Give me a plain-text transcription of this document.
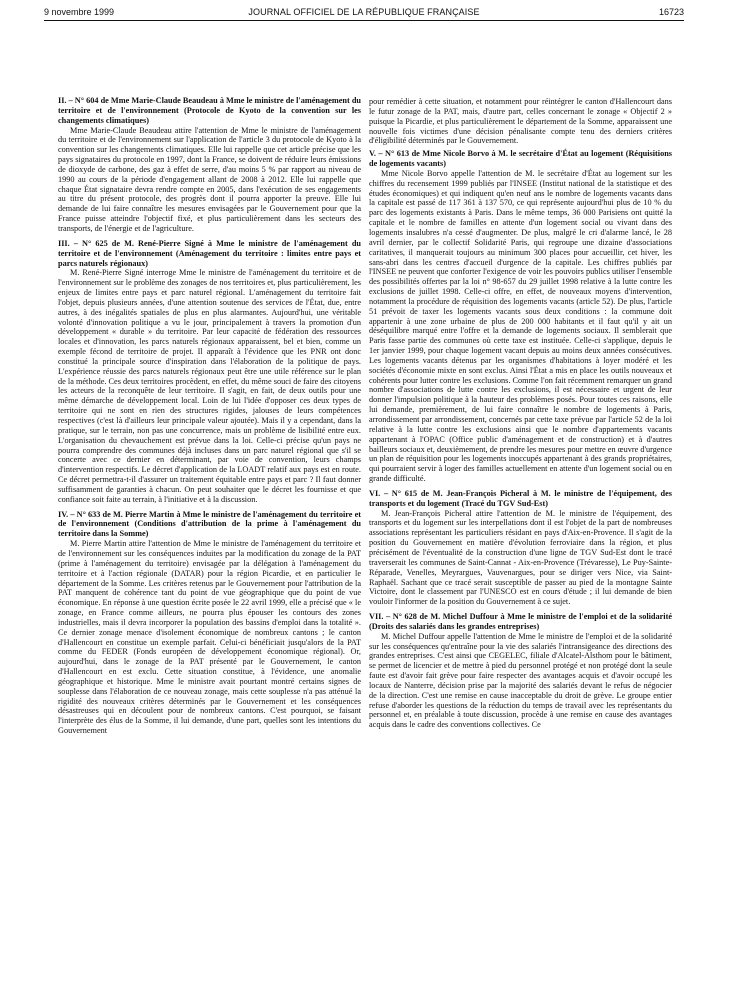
9 novembre 1999	JOURNAL OFFICIEL DE LA RÉPUBLIQUE FRANÇAISE	16723

II. – N° 604 de Mme Marie-Claude Beaudeau à Mme le ministre de l'aménagement du territoire et de l'environnement (Protocole de Kyoto de la convention sur les changements climatiques)

Mme Marie-Claude Beaudeau attire l'attention de Mme le ministre de l'aménagement du territoire et de l'environnement sur l'application de l'article 3 du protocole de Kyoto à la convention sur les changements climatiques. Elle lui rappelle que cet article précise que les pays signataires du protocole en 1997, dont la France, se doivent de réduire leurs émissions de dioxyde de carbone, des gaz à effet de serre, d'au moins 5 % par rapport au niveau de 1990 au cours de la période d'engagement allant de 2008 à 2012. Elle lui rappelle que chaque État signataire devra rendre compte en 2005, dans l'exécution de ses engagements au titre du présent protocole, des progrès dont il pourra apporter la preuve. Elle lui demande de lui faire connaître les mesures envisagées par le Gouvernement pour que la France puisse atteindre l'objectif fixé, et plus particulièrement dans les secteurs des transports, de l'énergie et de l'agriculture.

III. – N° 625 de M. René-Pierre Signé à Mme le ministre de l'aménagement du territoire et de l'environnement (Aménagement du territoire : limites entre pays et parcs naturels régionaux)

M. René-Pierre Signé interroge Mme le ministre de l'aménagement du territoire et de l'environnement sur le problème des zonages de nos territoires et, plus particulièrement, les enjeux de limites entre pays et parc naturel régional. L'aménagement du territoire fait l'objet, depuis plusieurs années, d'une attention soutenue des services de l'État, due, entre autres, à des inégalités spatiales de plus en plus alarmantes. Aujourd'hui, une véritable volonté d'innovation politique a vu le jour, principalement à travers la promotion d'un développement « durable » du territoire. Par leur capacité de fédération des ressources locales et d'innovation, les parcs naturels régionaux apparaissent, bel et bien, comme un exemple fécond de territoire de projet. Il apparaît à l'évidence que les PNR ont donc constitué la principale source d'inspiration dans l'élaboration de la politique de pays. L'expérience réussie des parcs naturels régionaux peut être une utile référence sur le plan de la méthode. Ces deux territoires procèdent, en effet, du même souci de faire des citoyens les acteurs de la reconquête de leur territoire. Il s'agit, en fait, de deux outils pour une même démarche de développement local. Loin de lui l'idée d'opposer ces deux types de territoire qui ne sont en rien des structures rigides, jalouses de leurs compétences respectives (c'est là d'ailleurs leur principale valeur ajoutée). Mais il y a cependant, dans la pratique, sur le terrain, non pas une concurrence, mais un problème de lisibilité entre eux. L'organisation du chevauchement est prévue dans la loi. Celle-ci précise qu'un pays ne pourra comprendre des communes déjà incluses dans un parc naturel régional que s'il se concerte avec ce dernier en déterminant, par voie de convention, leurs champs d'intervention respectifs. Le décret d'application de la LOADT relatif aux pays est en route. Ce décret permettra-t-il d'assurer un traitement équitable entre pays et parc ? Il faut donner suffisamment de garanties à chacun. On peut souhaiter que le décret les fournisse et que confiance soit faite au terrain, à l'initiative et à la discussion.

IV. – N° 633 de M. Pierre Martin à Mme le ministre de l'aménagement du territoire et de l'environnement (Conditions d'attribution de la prime à l'aménagement du territoire dans la Somme)

M. Pierre Martin attire l'attention de Mme le ministre de l'aménagement du territoire et de l'environnement sur les conséquences induites par la modification du zonage de la PAT (prime à l'aménagement du territoire) envisagée par la délégation à l'aménagement du territoire et à l'action régionale (DATAR) pour la région Picardie, et en particulier le département de la Somme. Les critères retenus par le Gouvernement pour l'attribution de la PAT manquent de cohérence tant du point de vue géographique que du point de vue économique. En réponse à une question écrite posée le 22 avril 1999, elle a précisé que « le zonage, en France comme ailleurs, ne pourra plus épouser les contours des zones industrielles, mais il devra incorporer la population des bassins d'emploi dans la totalité ». Ce dernier zonage menace d'isolement économique de nombreux cantons ; le canton d'Hallencourt en constitue un exemple parfait. Celui-ci bénéficiait jusqu'alors de la PAT comme du FEDER (Fonds européen de développement économique régional). Or, aujourd'hui, dans le zonage de la PAT présenté par le Gouvernement, le canton d'Hallencourt en est exclu. Cette situation constitue, à l'évidence, une anomalie géographique et historique. Mme le ministre avait pourtant montré certains signes de souplesse dans l'élaboration de ce nouveau zonage, mais cette souplesse n'a pas atténué la rigidité des nouveaux critères déterminés par le Gouvernement et les conséquences désastreuses qui en découlent pour de nombreux cantons. C'est pourquoi, se faisant l'interprète des élus de la Somme, il lui demande, d'une part, quelles sont les intentions du Gouvernement

pour remédier à cette situation, et notamment pour réintégrer le canton d'Hallencourt dans le futur zonage de la PAT, mais, d'autre part, celles concernant le zonage « Objectif 2 » puisque la Picardie, et plus particulièrement le département de la Somme, apparaissent une nouvelle fois victimes d'une décision pénalisante compte tenu des derniers critères d'éligibilité déterminés par le Gouvernement.

V. – N° 613 de Mme Nicole Borvo à M. le secrétaire d'État au logement (Réquisitions de logements vacants)

Mme Nicole Borvo appelle l'attention de M. le secrétaire d'État au logement sur les chiffres du recensement 1999 publiés par l'INSEE (Institut national de la statistique et des études économiques) et qui indiquent qu'en neuf ans le nombre de logements vacants dans la capitale est passé de 117 361 à 137 570, ce qui représente aujourd'hui plus de 10 % du parc des logements existants à Paris. Dans le même temps, 36 000 Parisiens ont quitté la capitale et le nombre de familles en attente d'un logement social ou vivant dans des logements insalubres n'a cessé d'augmenter. De plus, malgré le cri d'alarme lancé, le 28 avril dernier, par le collectif Solidarité Paris, qui regroupe une dizaine d'associations caritatives, il manquerait toujours au minimum 300 places pour accueillir, cet hiver, les sans-abri dans les centres d'accueil d'urgence de la capitale. Les chiffres publiés par l'INSEE ne peuvent que conforter l'exigence de voir les pouvoirs publics utiliser l'ensemble des possibilités offertes par la loi n° 98-657 du 29 juillet 1998 relative à la lutte contre les exclusions de juillet 1998. Celle-ci offre, en effet, de nouveaux moyens d'intervention, notamment la procédure de réquisition des logements vacants (article 52). De plus, l'article 51 prévoit de taxer les logements vacants sous deux conditions : la commune doit appartenir à une zone urbaine de plus de 200 000 habitants et il faut qu'il y ait un déséquilibre marqué entre l'offre et la demande de logements sociaux. Il semblerait que Paris fasse partie des communes où cette taxe est instituée. Celle-ci s'applique, depuis le 1er janvier 1999, pour chaque logement vacant depuis au moins deux années consécutives. Les logements vacants détenus par les organismes d'habitations à loyer modéré et les sociétés d'économie mixte en sont exclus. Ainsi l'État a mis en place les outils nouveaux et cohérents pour lutter contre les exclusions. Comme l'on fait récemment remarquer un grand nombre d'associations de lutte contre les exclusions, il est nécessaire et urgent de leur donner l'impulsion politique à la hauteur des problèmes posés. Pour toutes ces raisons, elle lui demande, premièrement, de lui faire connaître le nombre de logements à Paris, arrondissement par arrondissement, concernés par cette taxe prévue par l'article 52 de la loi relative à la lutte contre les exclusions ainsi que le nombre d'appartements vacants appartenant à l'OPAC (Office public d'aménagement et de construction) et à d'autres bailleurs sociaux et, deuxièmement, de prendre les mesures pour mettre en œuvre d'urgence un plan de réquisition pour les logements inoccupés appartenant à des grands propriétaires, qui pourraient servir à loger des familles actuellement en attente d'un logement social ou en grande difficulté.

VI. – N° 615 de M. Jean-François Picheral à M. le ministre de l'équipement, des transports et du logement (Tracé du TGV Sud-Est)

M. Jean-François Picheral attire l'attention de M. le ministre de l'équipement, des transports et du logement sur les interpellations dont il est l'objet de la part de nombreuses associations représentant les particuliers résidant en pays d'Aix-en-Provence. Il s'agit de la position du Gouvernement en matière d'évolution ferroviaire dans la région, et plus précisément de l'éventualité de la construction d'une ligne de TGV Sud-Est dont le tracé traverserait les communes de Saint-Cannat - Aix-en-Provence (Trévaresse), Le Puy-Sainte-Réparade, Venelles, Meyrargues, Vauvenargues, pour se diriger vers Nice, via Saint-Raphaël. Sachant que ce tracé serait susceptible de passer au pied de la montagne Sainte Victoire, dont le classement par l'UNESCO est en cours d'étude ; il lui demande de bien vouloir l'informer de la position du Gouvernement à ce sujet.

VII. – N° 628 de M. Michel Duffour à Mme le ministre de l'emploi et de la solidarité (Droits des salariés dans les grandes entreprises)

M. Michel Duffour appelle l'attention de Mme le ministre de l'emploi et de la solidarité sur les conséquences qu'entraîne pour la vie des salariés l'intransigeance des directions des grandes entreprises. C'est ainsi que CEGELEC, filiale d'Alcatel-Alsthom pour le bâtiment, se permet de licencier et de mettre à pied du personnel protégé et non protégé dont la seule faute est d'avoir fait grève pour faire respecter des avantages acquis et d'avoir occupé les locaux de Nanterre, décision prise par la majorité des salariés devant le refus de négocier de la direction. C'est une remise en cause inacceptable du droit de grève. Le groupe entier refuse d'aborder les questions de la réduction du temps de travail avec les représentants du personnel et, en préalable à toute discussion, procède à une remise en cause des avantages acquis dans le cadre des conventions collectives. Ce
